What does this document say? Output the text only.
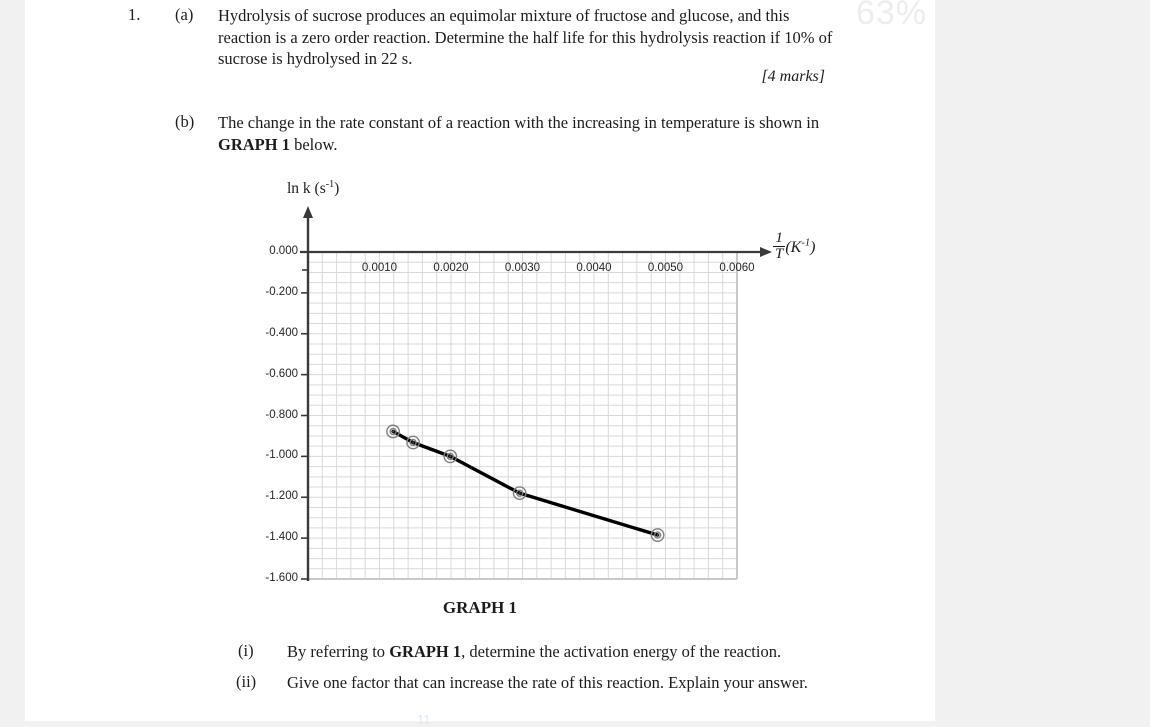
63%
1. (a) Hydrolysis of sucrose produces an equimolar mixture of fructose and glucose, and this reaction is a zero order reaction. Determine the half life for this hydrolysis reaction if 10% of sucrose is hydrolysed in 22 s.
[4 marks]
(b) The change in the rate constant of a reaction with the increasing in temperature is shown in GRAPH 1 below.
ln k $(s^{-1})$
$\frac{1}{T} (K^{-1})$
GRAPH 1
0.0010	0.0020	0.0030	0.0040	0.0050	0.0060
0.000
-0.200
-0.400
-0.600
-0.800
-1.000
-1.200
-1.400
-1.600
(i) By referring to GRAPH 1, determine the activation energy of the reaction.
(ii) Give one factor that can increase the rate of this reaction. Explain your answer.
11
